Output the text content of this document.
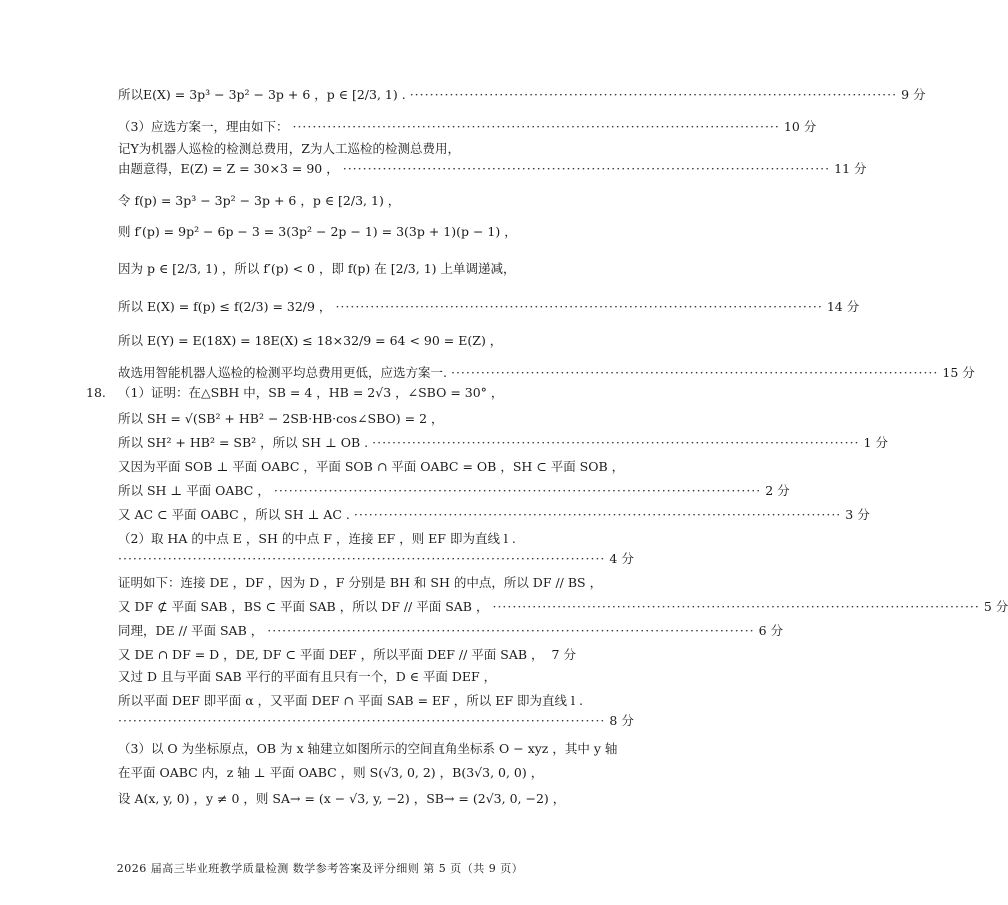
所以E(X) = 3p³ − 3p² − 3p + 6 ，p ∈ [2/3, 1) . ·································································································· 9 分
（3）应选方案一，理由如下： ·································································································· 10 分
记Y为机器人巡检的检测总费用，Z为人工巡检的检测总费用，
由题意得，E(Z) = Z = 30×3 = 90 ， ·································································································· 11 分
令 f(p) = 3p³ − 3p² − 3p + 6 ，p ∈ [2/3, 1) ，
则 f′(p) = 9p² − 6p − 3 = 3(3p² − 2p − 1) = 3(3p + 1)(p − 1) ，
因为 p ∈ [2/3, 1) ，所以 f′(p) < 0 ，即 f(p) 在 [2/3, 1) 上单调递减，
所以 E(X) = f(p) ≤ f(2/3) = 32/9 ， ·································································································· 14 分
所以 E(Y) = E(18X) = 18E(X) ≤ 18×32/9 = 64 < 90 = E(Z) ，
故选用智能机器人巡检的检测平均总费用更低，应选方案一. ·································································································· 15 分
18. （1）证明：在△SBH 中，SB = 4 ，HB = 2√3 ，∠SBO = 30° ，
所以 SH = √(SB² + HB² − 2SB·HB·cos∠SBO) = 2 ，
所以 SH² + HB² = SB² ，所以 SH ⊥ OB . ·································································································· 1 分
又因为平面 SOB ⊥ 平面 OABC ，平面 SOB ∩ 平面 OABC = OB ，SH ⊂ 平面 SOB ，
所以 SH ⊥ 平面 OABC ， ·································································································· 2 分
又 AC ⊂ 平面 OABC ，所以 SH ⊥ AC . ·································································································· 3 分
（2）取 HA 的中点 E ，SH 的中点 F ，连接 EF ，则 EF 即为直线 l .
·································································································· 4 分
证明如下：连接 DE ，DF ，因为 D ，F 分别是 BH 和 SH 的中点，所以 DF // BS ，
又 DF ⊄ 平面 SAB ，BS ⊂ 平面 SAB ，所以 DF // 平面 SAB ， ·································································································· 5 分
同理，DE // 平面 SAB ， ·································································································· 6 分
又 DE ∩ DF = D ，DE, DF ⊂ 平面 DEF ，所以平面 DEF // 平面 SAB ， 7 分
又过 D 且与平面 SAB 平行的平面有且只有一个，D ∈ 平面 DEF ，
所以平面 DEF 即平面 α ，又平面 DEF ∩ 平面 SAB = EF ，所以 EF 即为直线 l .
·································································································· 8 分
（3）以 O 为坐标原点，OB 为 x 轴建立如图所示的空间直角坐标系 O − xyz ，其中 y 轴
在平面 OABC 内，z 轴 ⊥ 平面 OABC ，则 S(√3, 0, 2) ，B(3√3, 0, 0) ，
设 A(x, y, 0) ，y ≠ 0 ，则 SA→ = (x − √3, y, −2) ，SB→ = (2√3, 0, −2) ，
2026 届高三毕业班教学质量检测 数学参考答案及评分细则 第 5 页（共 9 页）
